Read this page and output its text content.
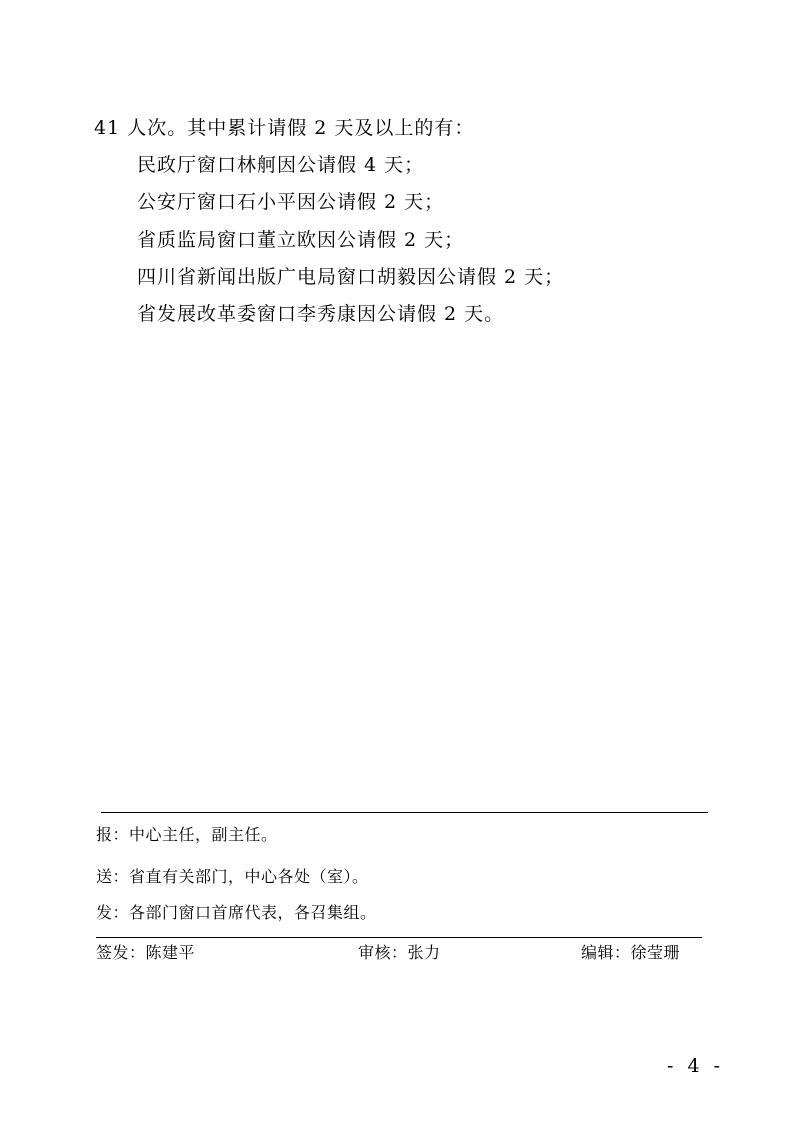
41 人次。其中累计请假 2 天及以上的有：
民政厅窗口林舸因公请假 4 天；
公安厅窗口石小平因公请假 2 天；
省质监局窗口董立欧因公请假 2 天；
四川省新闻出版广电局窗口胡毅因公请假 2 天；
省发展改革委窗口李秀康因公请假 2 天。
报：中心主任，副主任。
送：省直有关部门，中心各处（室）。
发：各部门窗口首席代表，各召集组。
签发：陈建平	审核：张力	编辑：徐莹珊
- 4 -
